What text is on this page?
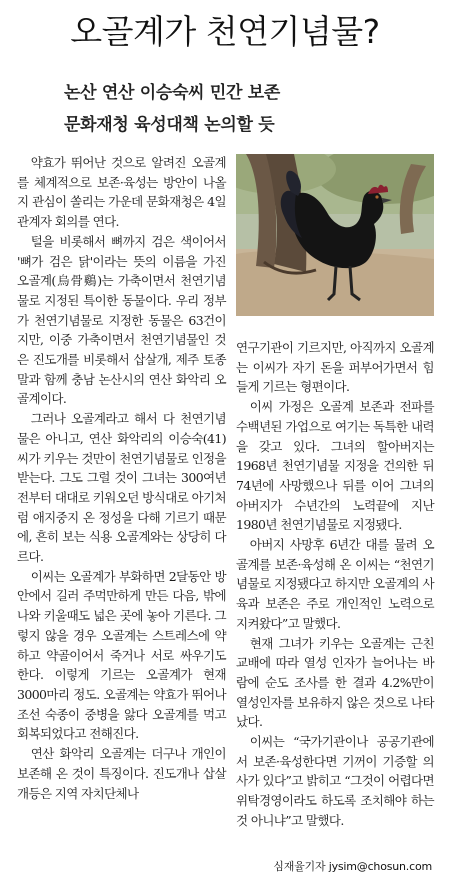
오골계가 천연기념물?
논산 연산 이승숙씨 민간 보존
문화재청 육성대책 논의할 듯

약효가 뛰어난 것으로 알려진 오골계를 체계적으로 보존·육성는 방안이 나올지 관심이 쏠리는 가운데 문화재청은 4일 관계자 회의를 연다.

털을 비롯해서 뼈까지 검은 색이어서 '뼈가 검은 닭'이라는 뜻의 이름을 가진 오골계(烏骨鷄)는 가축이면서 천연기념물로 지정된 특이한 동물이다. 우리 정부가 천연기념물로 지정한 동물은 63건이지만, 이중 가축이면서 천연기념물인 것은 진도개를 비롯해서 삽살개, 제주 토종말과 함께 충남 논산시의 연산 화악리 오골계이다.

그러나 오골계라고 해서 다 천연기념물은 아니고, 연산 화악리의 이승숙(41)씨가 키우는 것만이 천연기념물로 인정을 받는다. 그도 그럴 것이 그녀는 300여년전부터 대대로 키워오던 방식대로 아기처럼 애지중지 온 정성을 다해 기르기 때문에, 흔히 보는 식용 오골계와는 상당히 다르다.

이씨는 오골계가 부화하면 2달동안 방안에서 길러 주먹만하게 만든 다음, 밖에 나와 키울때도 넓은 곳에 놓아 기른다. 그렇지 않을 경우 오골계는 스트레스에 약하고 약골이어서 죽거나 서로 싸우기도 한다. 이렇게 기르는 오골계가 현재 3000마리 정도. 오골계는 약효가 뛰어나 조선 숙종이 중병을 앓다 오골계를 먹고 회복되었다고 전해진다.

연산 화악리 오골계는 더구나 개인이 보존해 온 것이 특징이다. 진도개나 삽살개등은 지역 자치단체나

연구기관이 기르지만, 아직까지 오골계는 이씨가 자기 돈을 퍼부어가면서 힘들게 기르는 형편이다.

이씨 가정은 오골계 보존과 전파를 수백년된 가업으로 여기는 독특한 내력을 갖고 있다. 그녀의 할아버지는 1968년 천연기념물 지정을 건의한 뒤 74년에 사망했으나 뒤를 이어 그녀의 아버지가 수년간의 노력끝에 지난 1980년 천연기념물로 지정됐다.

아버지 사망후 6년간 대를 물려 오골계를 보존·육성해 온 이씨는 “천연기념물로 지정됐다고 하지만 오골계의 사육과 보존은 주로 개인적인 노력으로 지켜왔다”고 말했다.

현재 그녀가 키우는 오골계는 근친교배에 따라 열성 인자가 늘어나는 바람에 순도 조사를 한 결과 4.2%만이 열성인자를 보유하지 않은 것으로 나타났다.

이씨는 “국가기관이나 공공기관에서 보존·육성한다면 기꺼이 기증할 의사가 있다”고 밝히고 “그것이 어렵다면 위탁경영이라도 하도록 조치해야 하는 것 아니냐”고 말했다.

심재율기자 jysim@chosun.com
